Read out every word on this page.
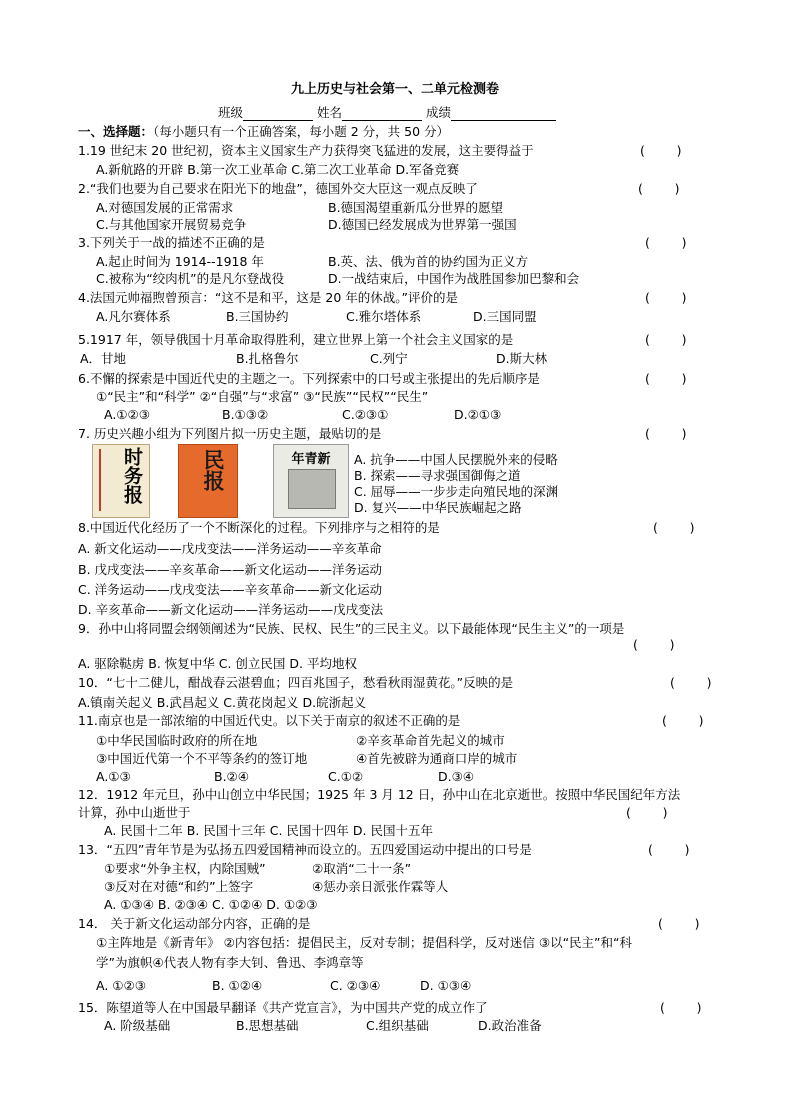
九上历史与社会第一、二单元检测卷
班级	姓名	成绩
一、选择题：（每小题只有一个正确答案，每小题 2 分，共 50 分）
1.19 世纪末 20 世纪初，资本主义国家生产力获得突飞猛进的发展，这主要得益于	(        )
A.新航路的开辟 B.第一次工业革命 C.第二次工业革命 D.军备竞赛
2.“我们也要为自己要求在阳光下的地盘”，德国外交大臣这一观点反映了	(        )
A.对德国发展的正常需求	B.德国渴望重新瓜分世界的愿望
C.与其他国家开展贸易竞争	D.德国已经发展成为世界第一强国
3.下列关于一战的描述不正确的是	(        )
A.起止时间为 1914--1918 年	B.英、法、俄为首的协约国为正义方
C.被称为“绞肉机”的是凡尔登战役	D.一战结束后，中国作为战胜国参加巴黎和会
4.法国元帅福煦曾预言：“这不是和平，这是 20 年的休战。”评价的是	(        )
A.凡尔赛体系	B.三国协约	C.雅尔塔体系	D.三国同盟
5.1917 年，领导俄国十月革命取得胜利，建立世界上第一个社会主义国家的是	(        )
A．甘地	B.扎格鲁尔	C.列宁	D.斯大林
6.不懈的探索是中国近代史的主题之一。下列探索中的口号或主张提出的先后顺序是	(        )
①“民主”和“科学” ②“自强”与“求富” ③“民族”“民权”“民生”
A.①②③	B.①③②	C.②③①	D.②①③
7. 历史兴趣小组为下列图片拟一历史主题，最贴切的是	(        )
时务报	民报	新青年	A. 抗争——中国人民摆脱外来的侵略
B. 探索——寻求强国御侮之道
C. 屈辱——一步步走向殖民地的深渊
D. 复兴——中华民族崛起之路
8.中国近代化经历了一个不断深化的过程。下列排序与之相符的是	(        )
A. 新文化运动——戊戌变法——洋务运动——辛亥革命
B. 戊戌变法——辛亥革命——新文化运动——洋务运动
C. 洋务运动——戊戌变法——辛亥革命——新文化运动
D. 辛亥革命——新文化运动——洋务运动——戊戌变法
9．孙中山将同盟会纲领阐述为“民族、民权、民生”的三民主义。以下最能体现“民生主义”的一项是
(        )
A. 驱除鞑虏 B. 恢复中华 C. 创立民国 D. 平均地权
10．“七十二健儿，酣战春云湛碧血；四百兆国子，愁看秋雨湿黄花。”反映的是	(        )
A.镇南关起义 B.武昌起义 C.黄花岗起义 D.皖浙起义
11.南京也是一部浓缩的中国近代史。以下关于南京的叙述不正确的是	(        )
①中华民国临时政府的所在地	②辛亥革命首先起义的城市
③中国近代第一个不平等条约的签订地	④首先被辟为通商口岸的城市
A.①③	B.②④	C.①②	D.③④
12．1912 年元旦，孙中山创立中华民国；1925 年 3 月 12 日，孙中山在北京逝世。按照中华民国纪年方法
计算，孙中山逝世于	(        )
A. 民国十二年 B. 民国十三年 C. 民国十四年 D. 民国十五年
13．“五四”青年节是为弘扬五四爱国精神而设立的。五四爱国运动中提出的口号是	(        )
①要求“外争主权，内除国贼”	②取消“二十一条”
③反对在对德“和约”上签字	④惩办亲日派张作霖等人
A. ①③④ B. ②③④ C. ①②④ D. ①②③
14． 关于新文化运动部分内容，正确的是	(        )
①主阵地是《新青年》 ②内容包括：提倡民主，反对专制；提倡科学，反对迷信 ③以“民主”和“科
学”为旗帜④代表人物有李大钊、鲁迅、李鸿章等
A. ①②③	B. ①②④	C. ②③④	D. ①③④
15．陈望道等人在中国最早翻译《共产党宣言》，为中国共产党的成立作了	(        )
A. 阶级基础	B.思想基础	C.组织基础	D.政治准备
